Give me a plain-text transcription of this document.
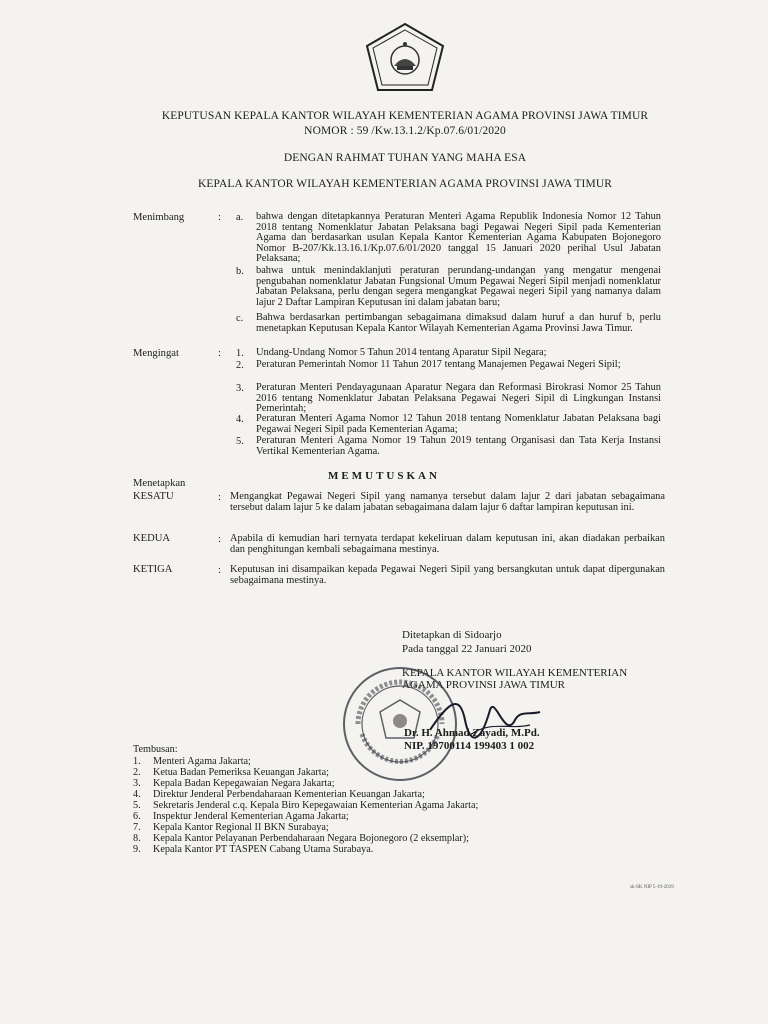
KEPUTUSAN KEPALA KANTOR WILAYAH KEMENTERIAN AGAMA PROVINSI JAWA TIMUR
NOMOR : 59 /Kw.13.1.2/Kp.07.6/01/2020
DENGAN RAHMAT TUHAN YANG MAHA ESA
KEPALA KANTOR WILAYAH KEMENTERIAN AGAMA PROVINSI JAWA TIMUR
Menimbang	: a. bahwa dengan ditetapkannya Peraturan Menteri Agama Republik Indonesia Nomor 12 Tahun 2018 tentang Nomenklatur Jabatan Pelaksana bagi Pegawai Negeri Sipil pada Kementerian Agama dan berdasarkan usulan Kepala Kantor Kementerian Agama Kabupaten Bojonegoro Nomor B-207/Kk.13.16.1/Kp.07.6/01/2020 tanggal 15 Januari 2020 perihal Usul Jabatan Pelaksana;
b. bahwa untuk menindaklanjuti peraturan perundang-undangan yang mengatur mengenai pengubahan nomenklatur Jabatan Fungsional Umum Pegawai Negeri Sipil menjadi nomenklatur Jabatan Pelaksana, perlu dengan segera mengangkat Pegawai negeri Sipil yang namanya dalam lajur 2 Daftar Lampiran Keputusan ini dalam jabatan baru;
c. Bahwa berdasarkan pertimbangan sebagaimana dimaksud dalam huruf a dan huruf b, perlu menetapkan Keputusan Kepala Kantor Wilayah Kementerian Agama Provinsi Jawa Timur.
Mengingat	: 1. Undang-Undang Nomor 5 Tahun 2014 tentang Aparatur Sipil Negara;
2. Peraturan Pemerintah Nomor 11 Tahun 2017 tentang Manajemen Pegawai Negeri Sipil;
3. Peraturan Menteri Pendayagunaan Aparatur Negara dan Reformasi Birokrasi Nomor 25 Tahun 2016 tentang Nomenklatur Jabatan Pelaksana Pegawai Negeri Sipil di Lingkungan Instansi Pemerintah;
4. Peraturan Menteri Agama Nomor 12 Tahun 2018 tentang Nomenklatur Jabatan Pelaksana bagi Pegawai Negeri Sipil pada Kementerian Agama;
5. Peraturan Menteri Agama Nomor 19 Tahun 2019 tentang Organisasi dan Tata Kerja Instansi Vertikal Kementerian Agama.
MEMUTUSKAN
Menetapkan
KESATU	: Mengangkat Pegawai Negeri Sipil yang namanya tersebut dalam lajur 2 dari jabatan sebagaimana tersebut dalam lajur 5 ke dalam jabatan sebagaimana dalam lajur 6 daftar lampiran keputusan ini.
KEDUA	: Apabila di kemudian hari ternyata terdapat kekeliruan dalam keputusan ini, akan diadakan perbaikan dan penghitungan kembali sebagaimana mestinya.
KETIGA	: Keputusan ini disampaikan kepada Pegawai Negeri Sipil yang bersangkutan untuk dapat dipergunakan sebagaimana mestinya.
Ditetapkan di Sidoarjo
Pada tanggal 22 Januari 2020
KEPALA KANTOR WILAYAH KEMENTERIAN
AGAMA PROVINSI JAWA TIMUR
Dr. H. Ahmad Zayadi, M.Pd.
NIP. 19700114 199403 1 002
Tembusan:
1. Menteri Agama Jakarta;
2. Ketua Badan Pemeriksa Keuangan Jakarta;
3. Kepala Badan Kepegawaian Negara Jakarta;
4. Direktur Jenderal Perbendaharaan Kementerian Keuangan Jakarta;
5. Sekretaris Jenderal c.q. Kepala Biro Kepegawaian Kementerian Agama Jakarta;
6. Inspektur Jenderal Kementerian Agama Jakarta;
7. Kepala Kantor Regional II BKN Surabaya;
8. Kepala Kantor Pelayanan Perbendaharaan Negara Bojonegoro (2 eksemplar);
9. Kepala Kantor PT TASPEN Cabang Utama Surabaya.
sk-SK NIP 5-19-2019
